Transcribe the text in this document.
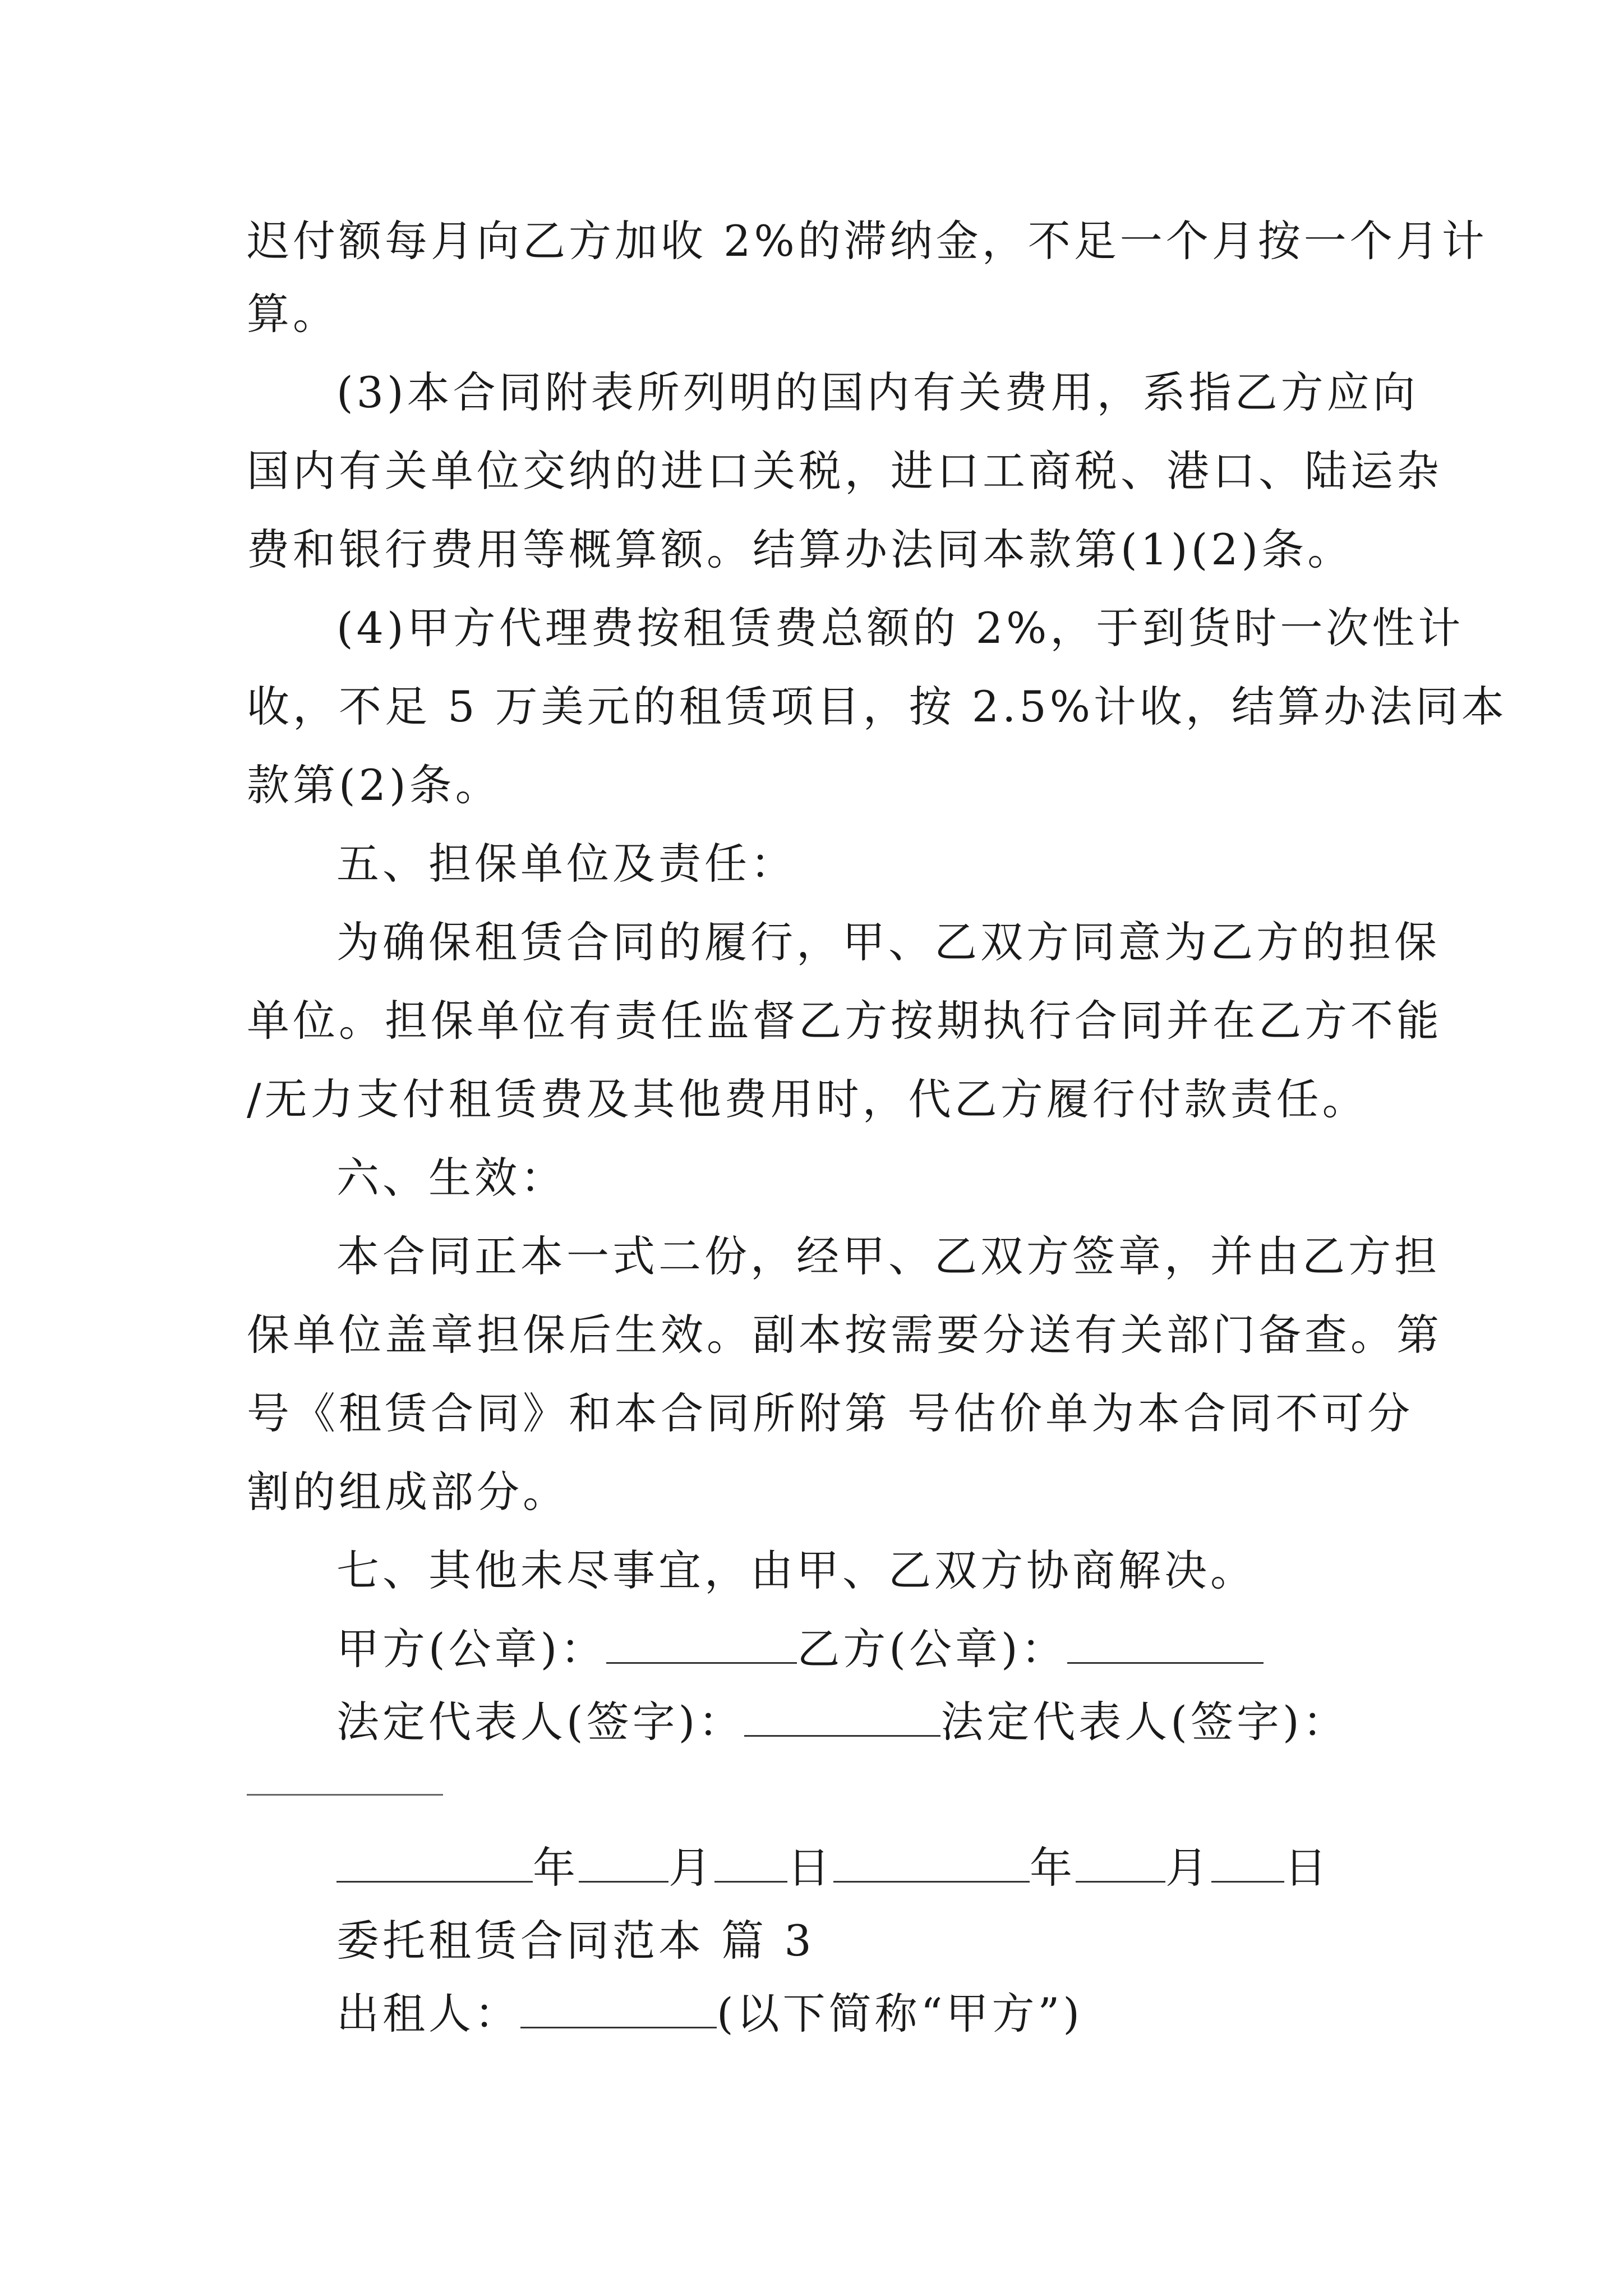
迟付额每月向乙方加收 2%的滞纳金，不足一个月按一个月计
算。
(3)本合同附表所列明的国内有关费用，系指乙方应向
国内有关单位交纳的进口关税，进口工商税、港口、陆运杂
费和银行费用等概算额。结算办法同本款第(1)(2)条。
(4)甲方代理费按租赁费总额的 2%，于到货时一次性计
收，不足 5 万美元的租赁项目，按 2.5%计收，结算办法同本
款第(2)条。
五、担保单位及责任：
为确保租赁合同的履行，甲、乙双方同意为乙方的担保
单位。担保单位有责任监督乙方按期执行合同并在乙方不能
/无力支付租赁费及其他费用时，代乙方履行付款责任。
六、生效：
本合同正本一式二份，经甲、乙双方签章，并由乙方担
保单位盖章担保后生效。副本按需要分送有关部门备查。第
号《租赁合同》和本合同所附第 号估价单为本合同不可分
割的组成部分。
七、其他未尽事宜，由甲、乙双方协商解决。
甲方(公章)：	乙方(公章)：
法定代表人(签字)：	法定代表人(签字)：
年 月 日	年 月 日
委托租赁合同范本 篇 3
出租人：	(以下简称“甲方”)
